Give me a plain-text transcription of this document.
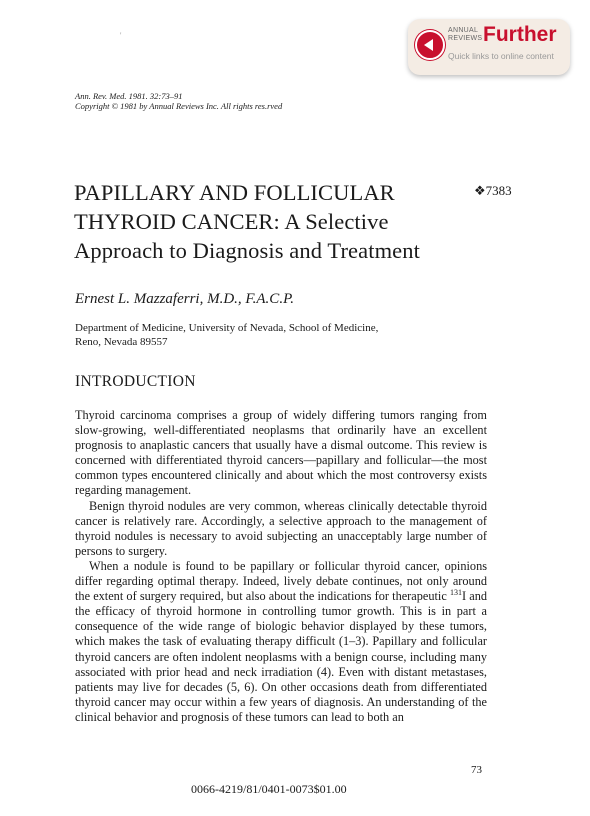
ANNUAL
REVIEWS Further
Quick links to online content
'
Ann. Rev. Med. 1981. 32:73–91
Copyright © 1981 by Annual Reviews Inc. All rights res.rved
PAPILLARY AND FOLLICULAR
THYROID CANCER: A Selective
Approach to Diagnosis and Treatment
❖7383
Ernest L. Mazzaferri, M.D., F.A.C.P.
Department of Medicine, University of Nevada, School of Medicine,
Reno, Nevada 89557
INTRODUCTION

Thyroid carcinoma comprises a group of widely differing tumors ranging from slow-growing, well-differentiated neoplasms that ordinarily have an excellent prognosis to anaplastic cancers that usually have a dismal outcome. This review is concerned with differentiated thyroid cancers—papillary and follicular—the most common types encountered clinically and about which the most controversy exists regarding management.

Benign thyroid nodules are very common, whereas clinically detectable thyroid cancer is relatively rare. Accordingly, a selective approach to the management of thyroid nodules is necessary to avoid subjecting an unacceptably large number of persons to surgery.

When a nodule is found to be papillary or follicular thyroid cancer, opinions differ regarding optimal therapy. Indeed, lively debate continues, not only around the extent of surgery required, but also about the indications for therapeutic $^{131}$I and the efficacy of thyroid hormone in controlling tumor growth. This is in part a consequence of the wide range of biologic behavior displayed by these tumors, which makes the task of evaluating therapy difficult (1–3). Papillary and follicular thyroid cancers are often indolent neoplasms with a benign course, including many associated with prior head and neck irradiation (4). Even with distant metastases, patients may live for decades (5, 6). On other occasions death from differentiated thyroid cancer may occur within a few years of diagnosis. An understanding of the clinical behavior and prognosis of these tumors can lead to both an

73
0066-4219/81/0401-0073$01.00
